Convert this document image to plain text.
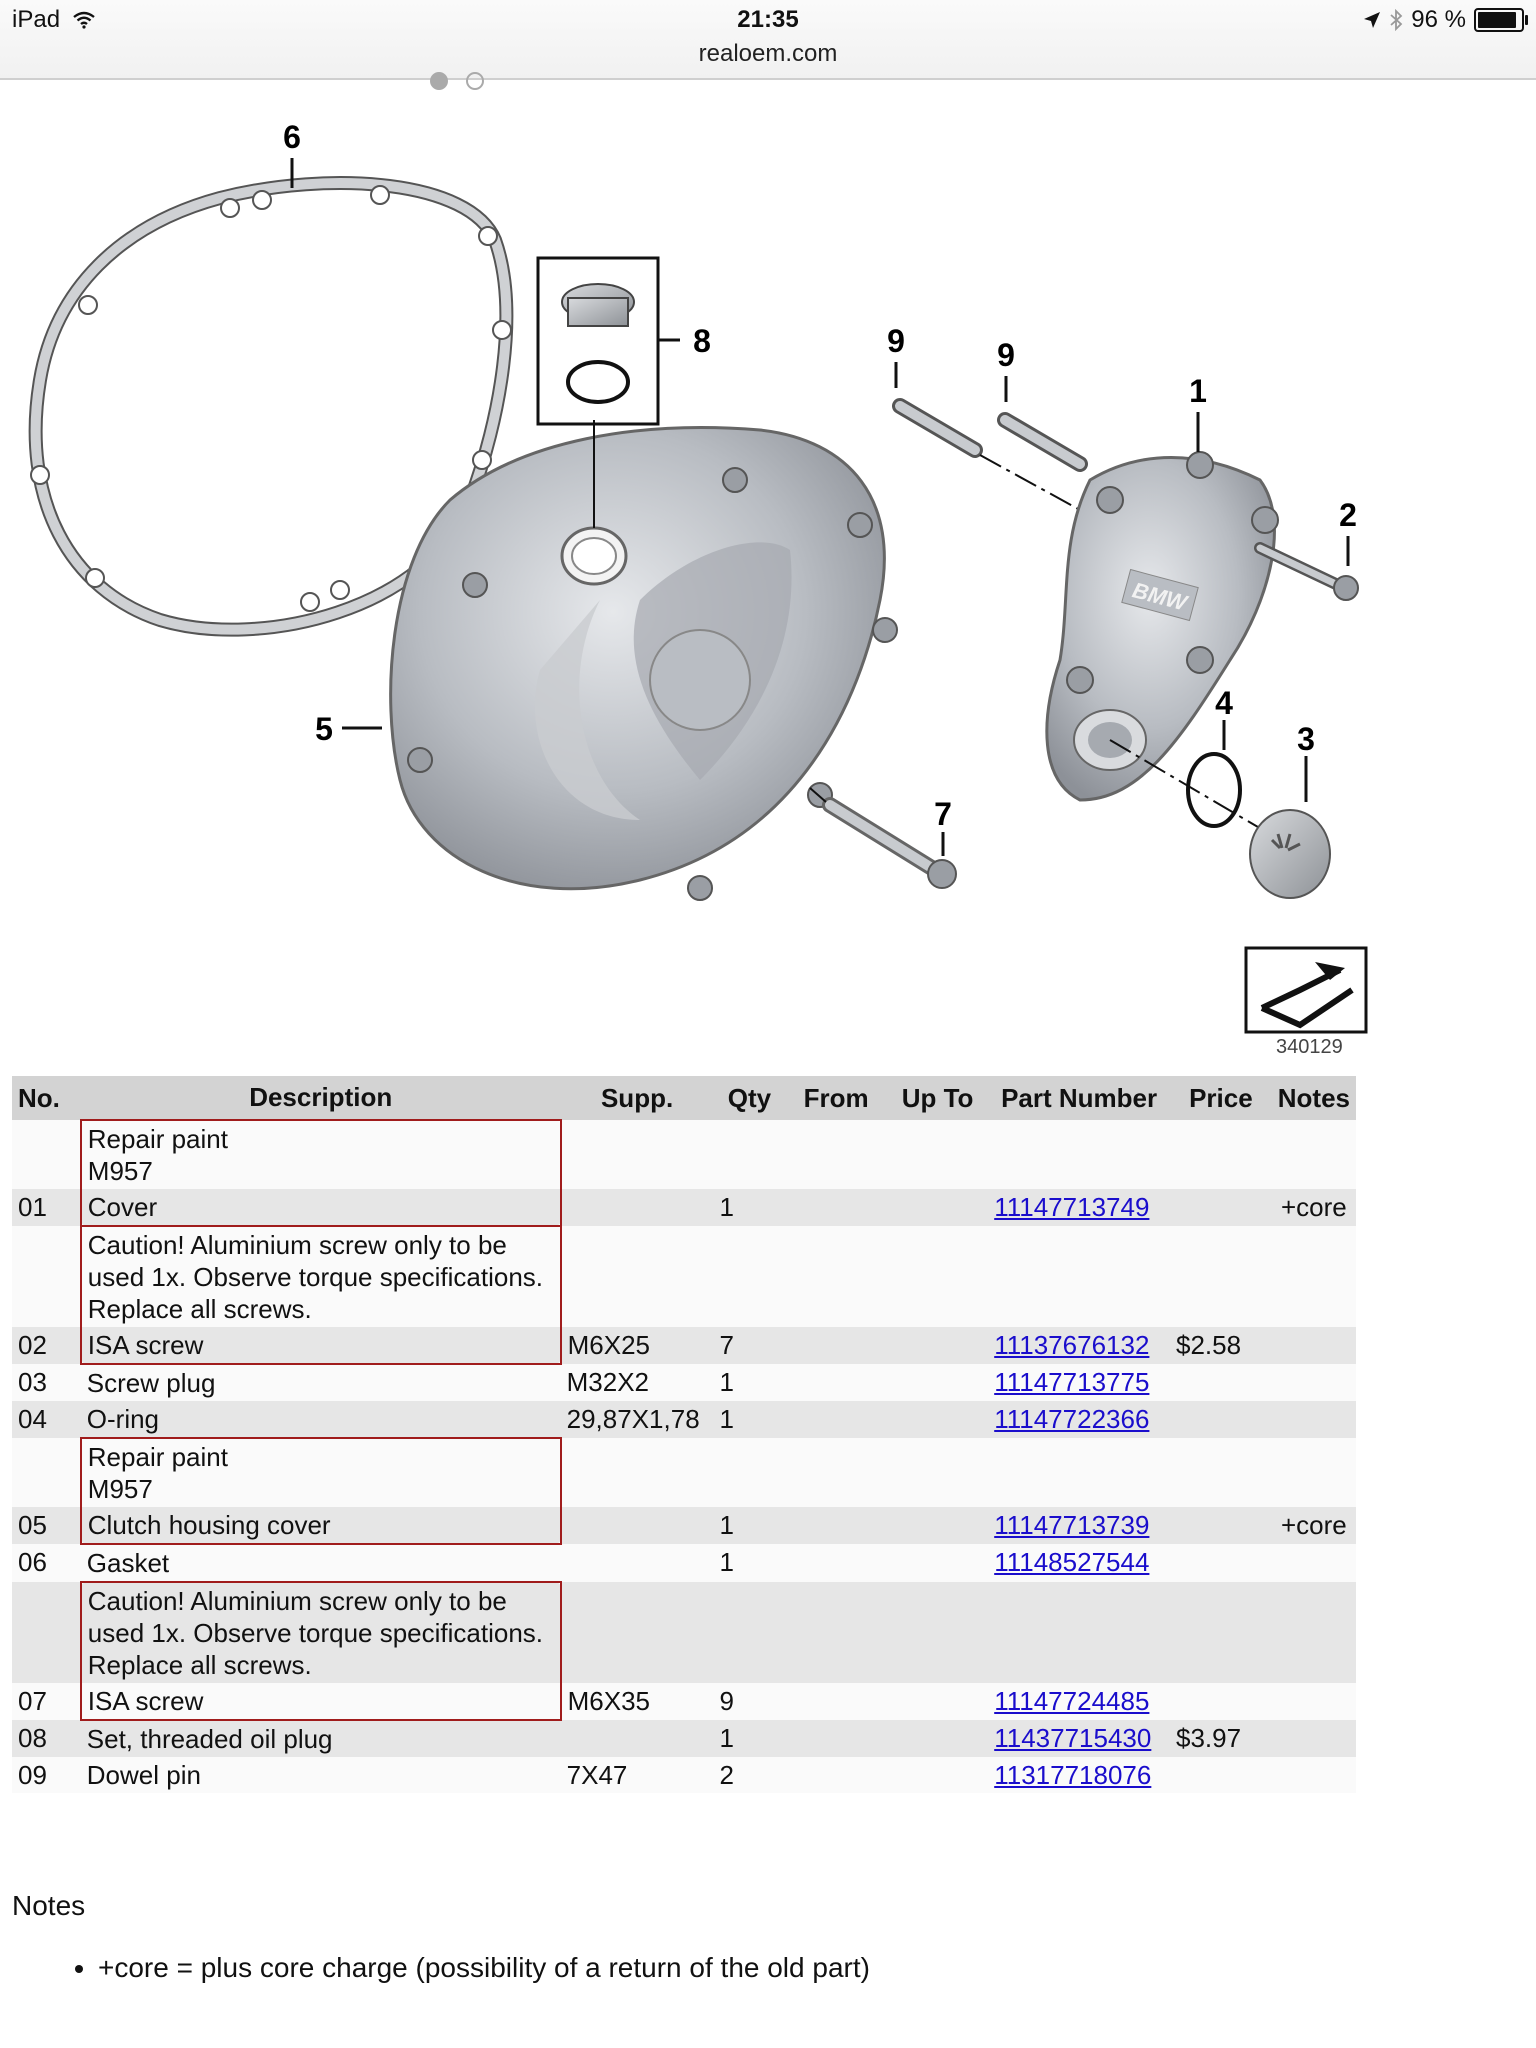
iPad	21:35
realoem.com
96 %
6
8
5
7
9	9
BMW
1
2
4
3
340129
No.	Description	Supp.	Qty	From	Up To	Part Number	Price	Notes
	Repair paint
M957							
01	Cover		1			11147713749		+core
	Caution! Aluminium screw only to be
used 1x. Observe torque specifications.
Replace all screws.							
02	ISA screw	M6X25	7			11137676132	$2.58	
03	Screw plug	M32X2	1			11147713775		
04	O-ring	29,87X1,78	1			11147722366		
	Repair paint
M957							
05	Clutch housing cover		1			11147713739		+core
06	Gasket		1			11148527544		
	Caution! Aluminium screw only to be
used 1x. Observe torque specifications.
Replace all screws.							
07	ISA screw	M6X35	9			11147724485		
08	Set, threaded oil plug		1			11437715430	$3.97	
09	Dowel pin	7X47	2			11317718076		
Notes
• +core = plus core charge (possibility of a return of the old part)
